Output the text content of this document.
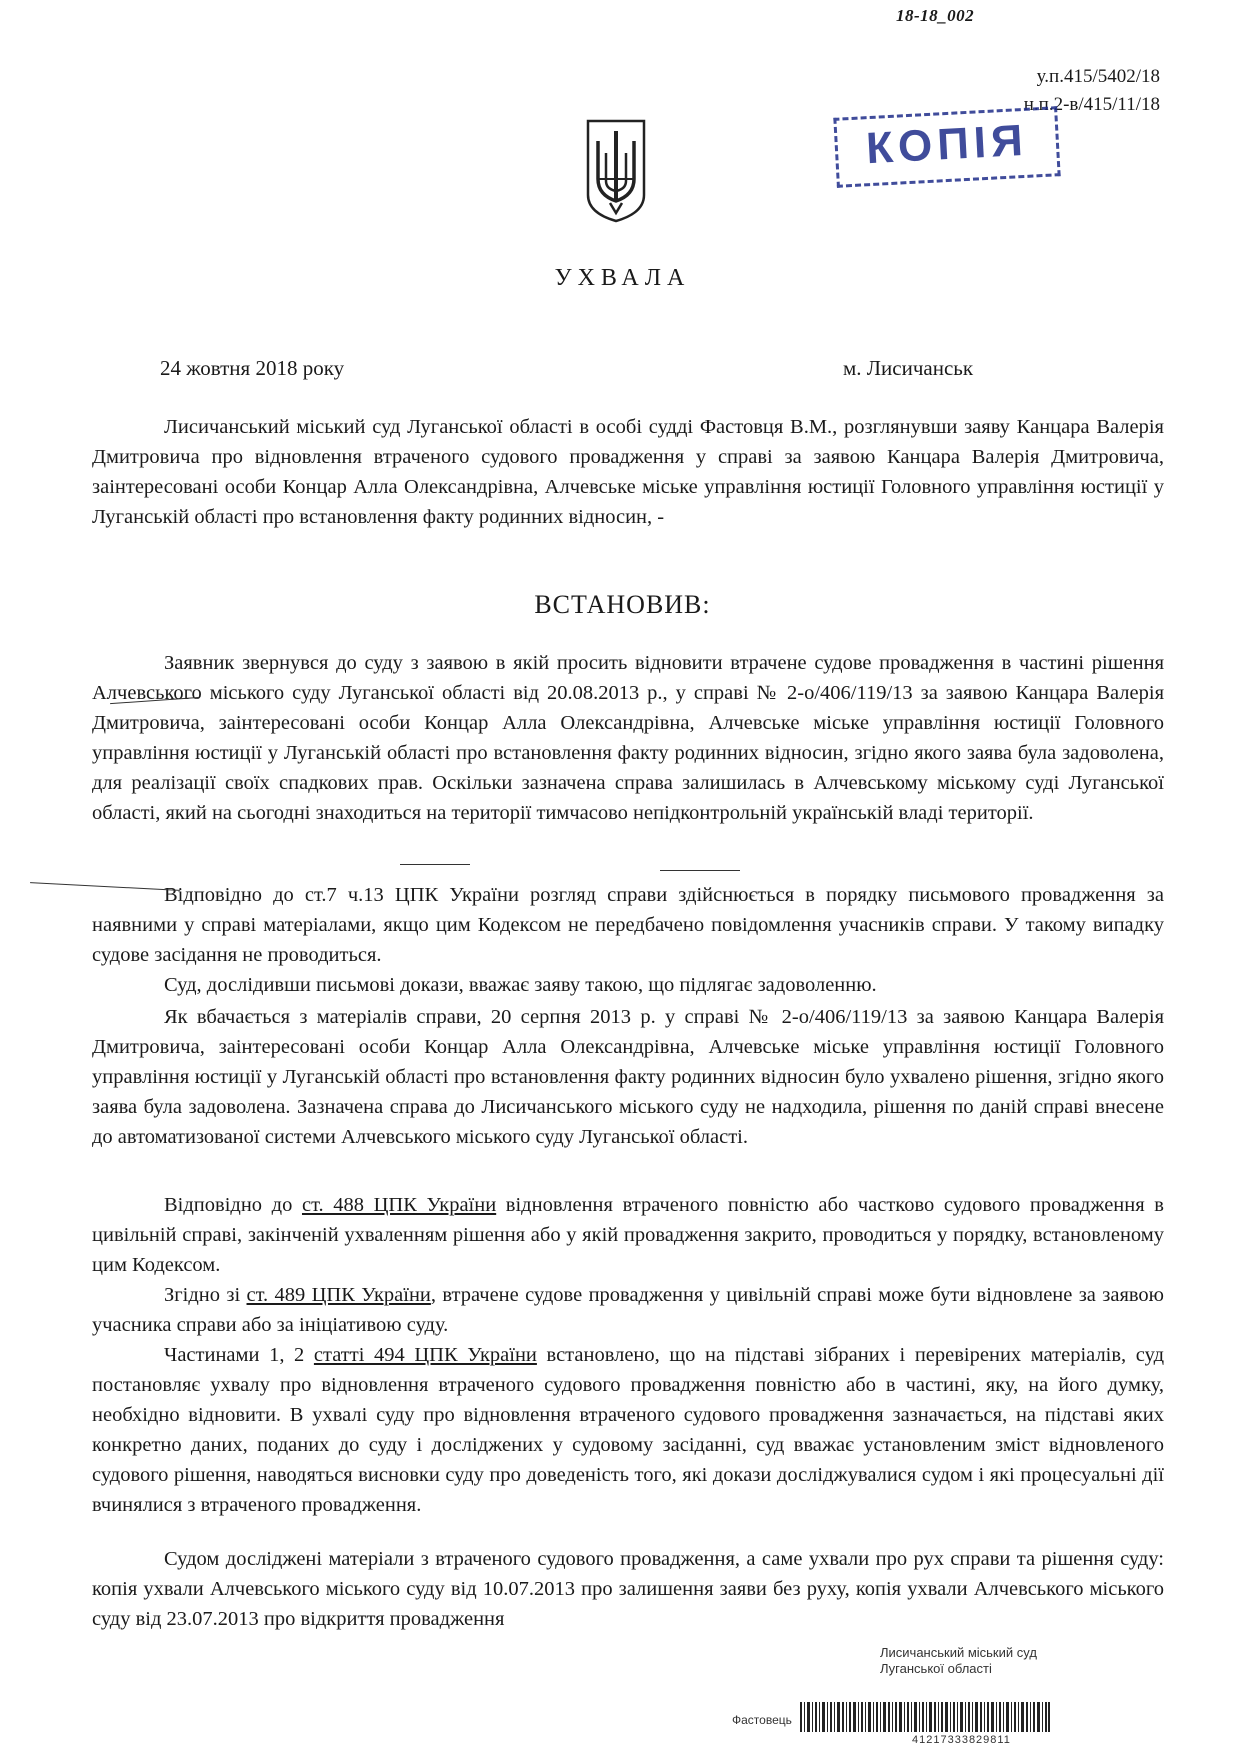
18-18_002
у.п.415/5402/18
н.п.2-в/415/11/18
КОПІЯ
УХВАЛА
24 жовтня 2018 року	м. Лисичанськ

Лисичанський міський суд Луганської області в особі судді Фастовця В.М., розглянувши заяву Канцара Валерія Дмитровича про відновлення втраченого судового провадження у справі за заявою Канцара Валерія Дмитровича, заінтересовані особи Концар Алла Олександрівна, Алчевське міське управління юстиції Головного управління юстиції у Луганській області про встановлення факту родинних відносин, -

ВСТАНОВИВ:

Заявник звернувся до суду з заявою в якій просить відновити втрачене судове провадження в частині рішення Алчевського міського суду Луганської області від 20.08.2013 р., у справі № 2-о/406/119/13 за заявою Канцара Валерія Дмитровича, заінтересовані особи Концар Алла Олександрівна, Алчевське міське управління юстиції Головного управління юстиції у Луганській області про встановлення факту родинних відносин, згідно якого заява була задоволена, для реалізації своїх спадкових прав. Оскільки зазначена справа залишилась в Алчевському міському суді Луганської області, який на сьогодні знаходиться на території тимчасово непідконтрольній українській владі території.

Відповідно до ст.7 ч.13 ЦПК України розгляд справи здійснюється в порядку письмового провадження за наявними у справі матеріалами, якщо цим Кодексом не передбачено повідомлення учасників справи. У такому випадку судове засідання не проводиться.

Суд, дослідивши письмові докази, вважає заяву такою, що підлягає задоволенню.

Як вбачається з матеріалів справи, 20 серпня 2013 р. у справі № 2-о/406/119/13 за заявою Канцара Валерія Дмитровича, заінтересовані особи Концар Алла Олександрівна, Алчевське міське управління юстиції Головного управління юстиції у Луганській області про встановлення факту родинних відносин було ухвалено рішення, згідно якого заява була задоволена. Зазначена справа до Лисичанського міського суду не надходила, рішення по даній справі внесене до автоматизованої системи Алчевського міського суду Луганської області.

Відповідно до ст. 488 ЦПК України відновлення втраченого повністю або частково судового провадження в цивільній справі, закінченій ухваленням рішення або у якій провадження закрито, проводиться у порядку, встановленому цим Кодексом.

Згідно зі ст. 489 ЦПК України, втрачене судове провадження у цивільній справі може бути відновлене за заявою учасника справи або за ініціативою суду.

Частинами 1, 2 статті 494 ЦПК України встановлено, що на підставі зібраних і перевірених матеріалів, суд постановляє ухвалу про відновлення втраченого судового провадження повністю або в частині, яку, на його думку, необхідно відновити. В ухвалі суду про відновлення втраченого судового провадження зазначається, на підставі яких конкретно даних, поданих до суду і досліджених у судовому засіданні, суд вважає установленим зміст відновленого судового рішення, наводяться висновки суду про доведеність того, які докази досліджувалися судом і які процесуальні дії вчинялися з втраченого провадження.

Судом досліджені матеріали з втраченого судового провадження, а саме ухвали про рух справи та рішення суду: копія ухвали Алчевського міського суду від 10.07.2013 про залишення заяви без руху, копія ухвали Алчевського міського суду від 23.07.2013 про відкриття провадження

Лисичанський міський суд
Луганської області
Фастовець
41217333829811
